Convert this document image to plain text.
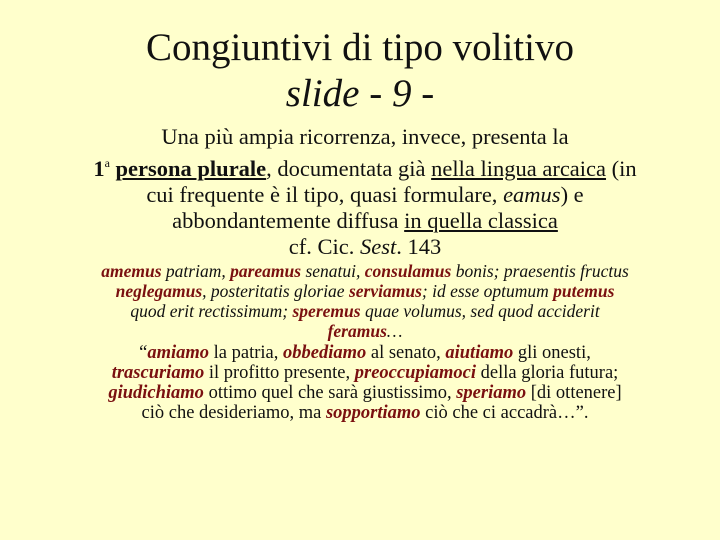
Congiuntivi di tipo volitivo
slide - 9 -
Una più ampia ricorrenza, invece, presenta la
1$^a$ persona plurale, documentata già nella lingua arcaica (in
cui frequente è il tipo, quasi formulare, eamus) e
abbondantemente diffusa in quella classica
cf. Cic. Sest. 143
amemus patriam, pareamus senatui, consulamus bonis; praesentis fructus
neglegamus, posteritatis gloriae serviamus; id esse optumum putemus
quod erit rectissimum; speremus quae volumus, sed quod acciderit
feramus…
“amiamo la patria, obbediamo al senato, aiutiamo gli onesti,
trascuriamo il profitto presente, preoccupiamoci della gloria futura;
giudichiamo ottimo quel che sarà giustissimo, speriamo [di ottenere]
ciò che desideriamo, ma sopportiamo ciò che ci accadrà…”.
